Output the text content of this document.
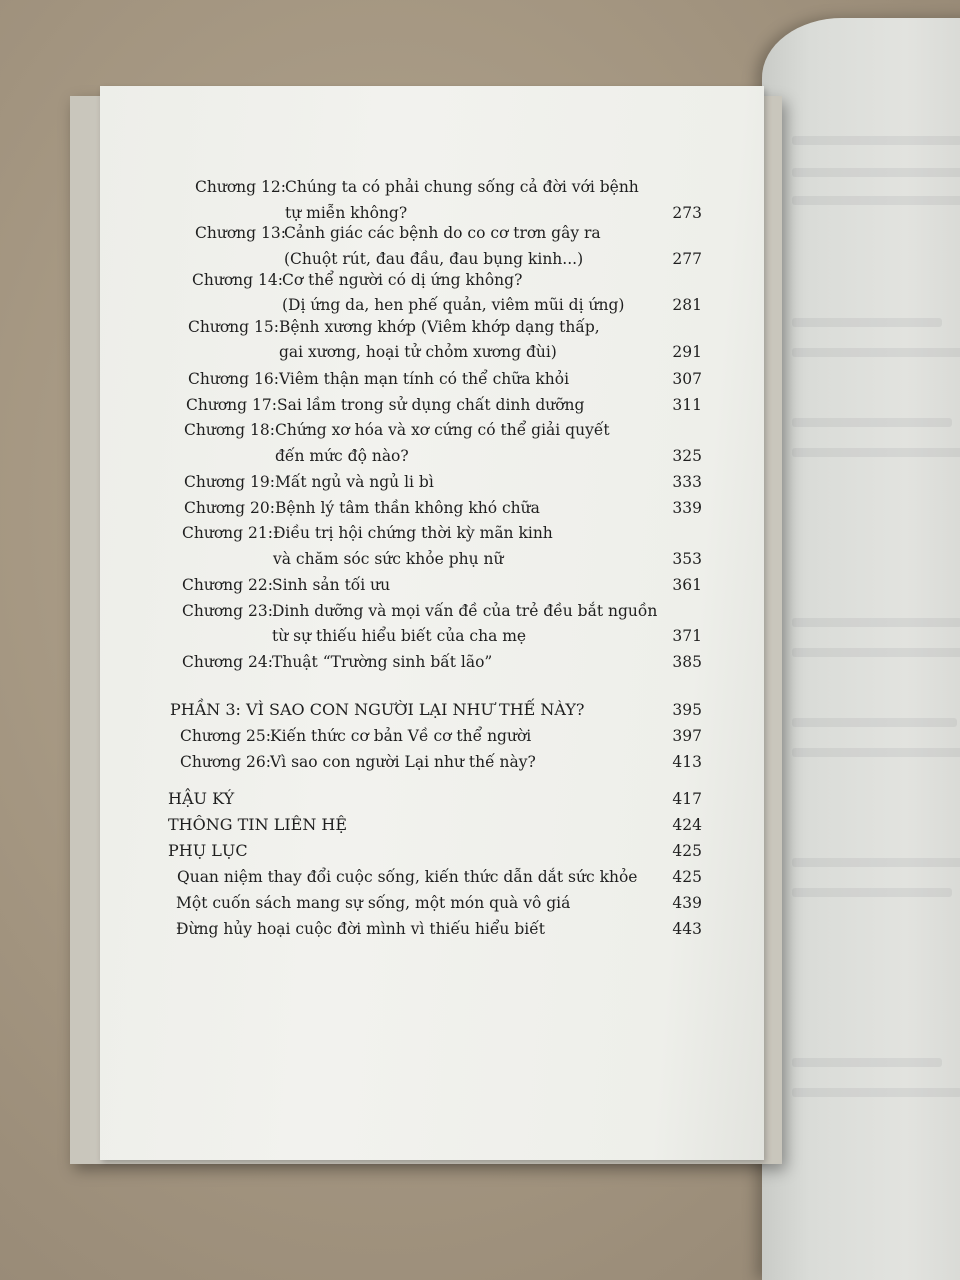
Chương 12: Chúng ta có phải chung sống cả đời với bệnh
tự miễn không?	273
Chương 13:
Cảnh giác các bệnh do co cơ trơn gây ra
(Chuột rút, đau đầu, đau bụng kinh...)	277
Chương 14: Cơ thể người có dị ứng không?
(Dị ứng da, hen phế quản, viêm mũi dị ứng)	281
Chương 15: Bệnh xương khớp (Viêm khớp dạng thấp,
gai xương, hoại tử chỏm xương đùi)	291
Chương 16: Viêm thận mạn tính có thể chữa khỏi	307
Chương 17: Sai lầm trong sử dụng chất dinh dưỡng	311
Chương 18: Chứng xơ hóa và xơ cứng có thể giải quyết
đến mức độ nào?	325
Chương 19: Mất ngủ và ngủ li bì	333
Chương 20: Bệnh lý tâm thần không khó chữa	339
Chương 21: Điều trị hội chứng thời kỳ mãn kinh
và chăm sóc sức khỏe phụ nữ	353
Chương 22: Sinh sản tối ưu	361
Chương 23: Dinh dưỡng và mọi vấn đề của trẻ đều bắt nguồn
từ sự thiếu hiểu biết của cha mẹ	371
Chương 24: Thuật “Trường sinh bất lão”	385
PHẦN 3: VÌ SAO CON NGƯỜI LẠI NHƯ THẾ NÀY?	395
Chương 25: Kiến thức cơ bản Về cơ thể người	397
Chương 26: Vì sao con người Lại như thế này?	413
HẬU KÝ	417
THÔNG TIN LIÊN HỆ	424
PHỤ LỤC	425
Quan niệm thay đổi cuộc sống, kiến thức dẫn dắt sức khỏe 425
Một cuốn sách mang sự sống, một món quà vô giá	439
Đừng hủy hoại cuộc đời mình vì thiếu hiểu biết	443
